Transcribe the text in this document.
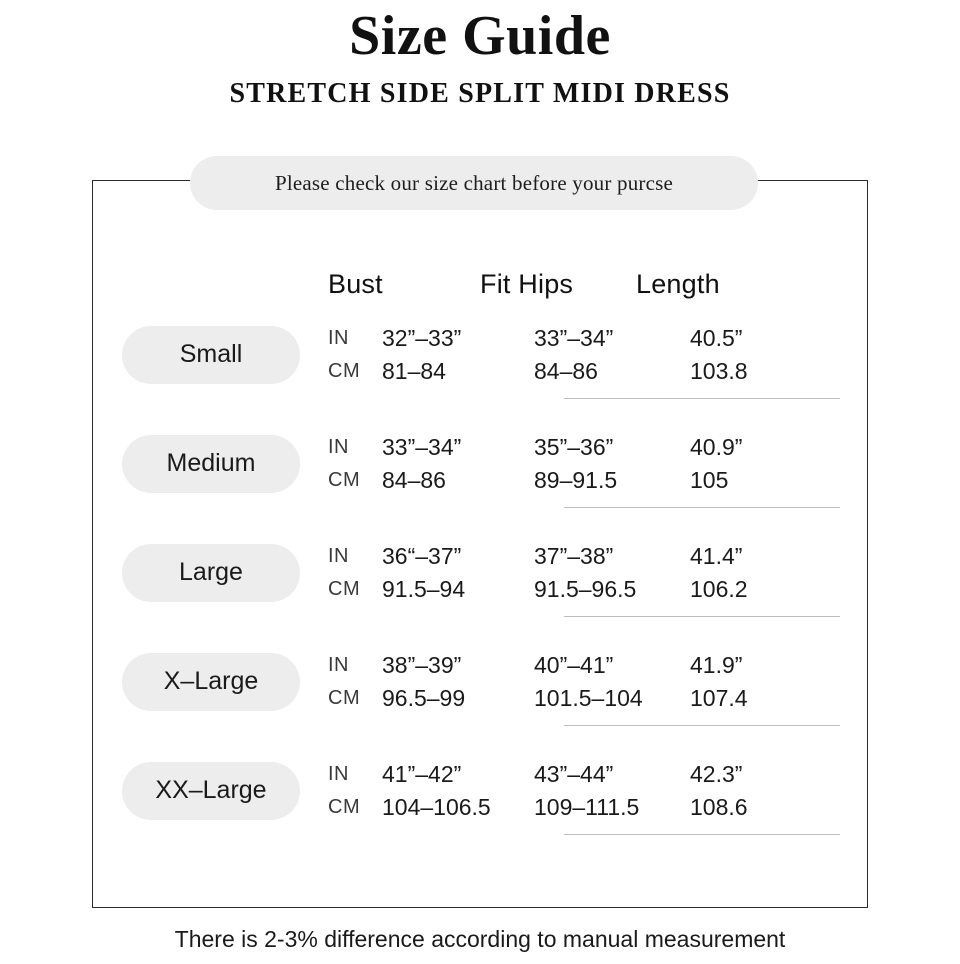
Size Guide
STRETCH SIDE SPLIT MIDI DRESS
Please check our size chart before your purcse
Bust	Fit Hips	Length
Small
IN	32”–33”	33”–34”	40.5”
CM 81–84	84–86	103.8
Medium
IN	33”–34”	35”–36”	40.9”
CM 84–86	89–91.5	105
Large
IN	36“–37”	37”–38”	41.4”
CM 91.5–94	91.5–96.5	106.2
X–Large
IN	38”–39”	40”–41”	41.9”
CM 96.5–99	101.5–104	107.4
XX–Large
IN	41”–42”	43”–44”	42.3”
CM 104–106.5	109–111.5	108.6
There is 2-3% difference according to manual measurement
